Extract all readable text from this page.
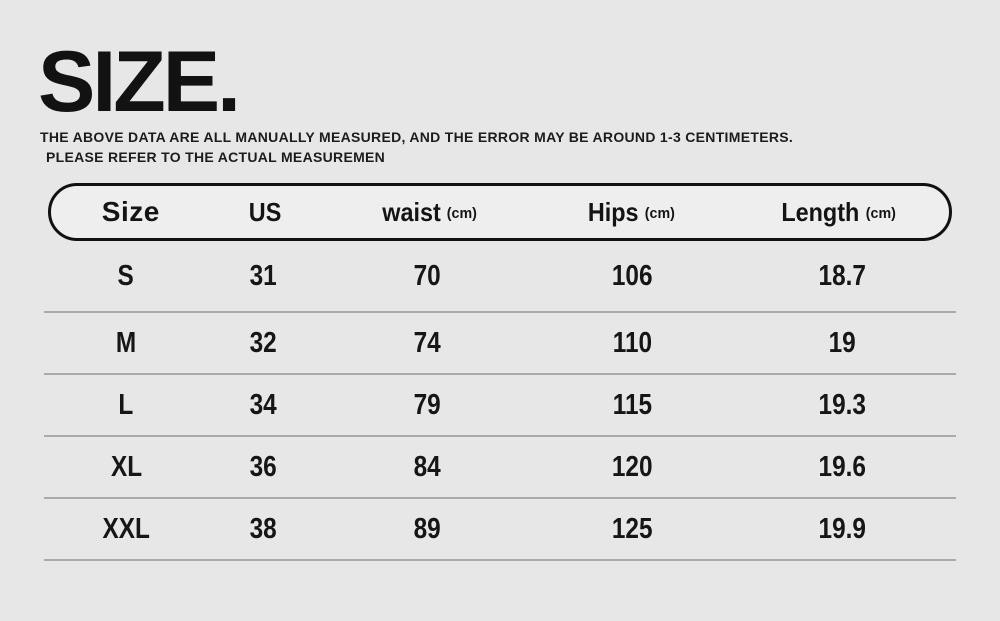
SIZE.
THE ABOVE DATA ARE ALL MANUALLY MEASURED, AND THE ERROR MAY BE AROUND 1-3 CENTIMETERS.
PLEASE REFER TO THE ACTUAL MEASUREMEN
Size	US	waist (cm)	Hips (cm)	Length (cm)
S	31	70	106	18.7
M	32	74	110	19
L	34	79	115	19.3
XL	36	84	120	19.6
XXL	38	89	125	19.9
